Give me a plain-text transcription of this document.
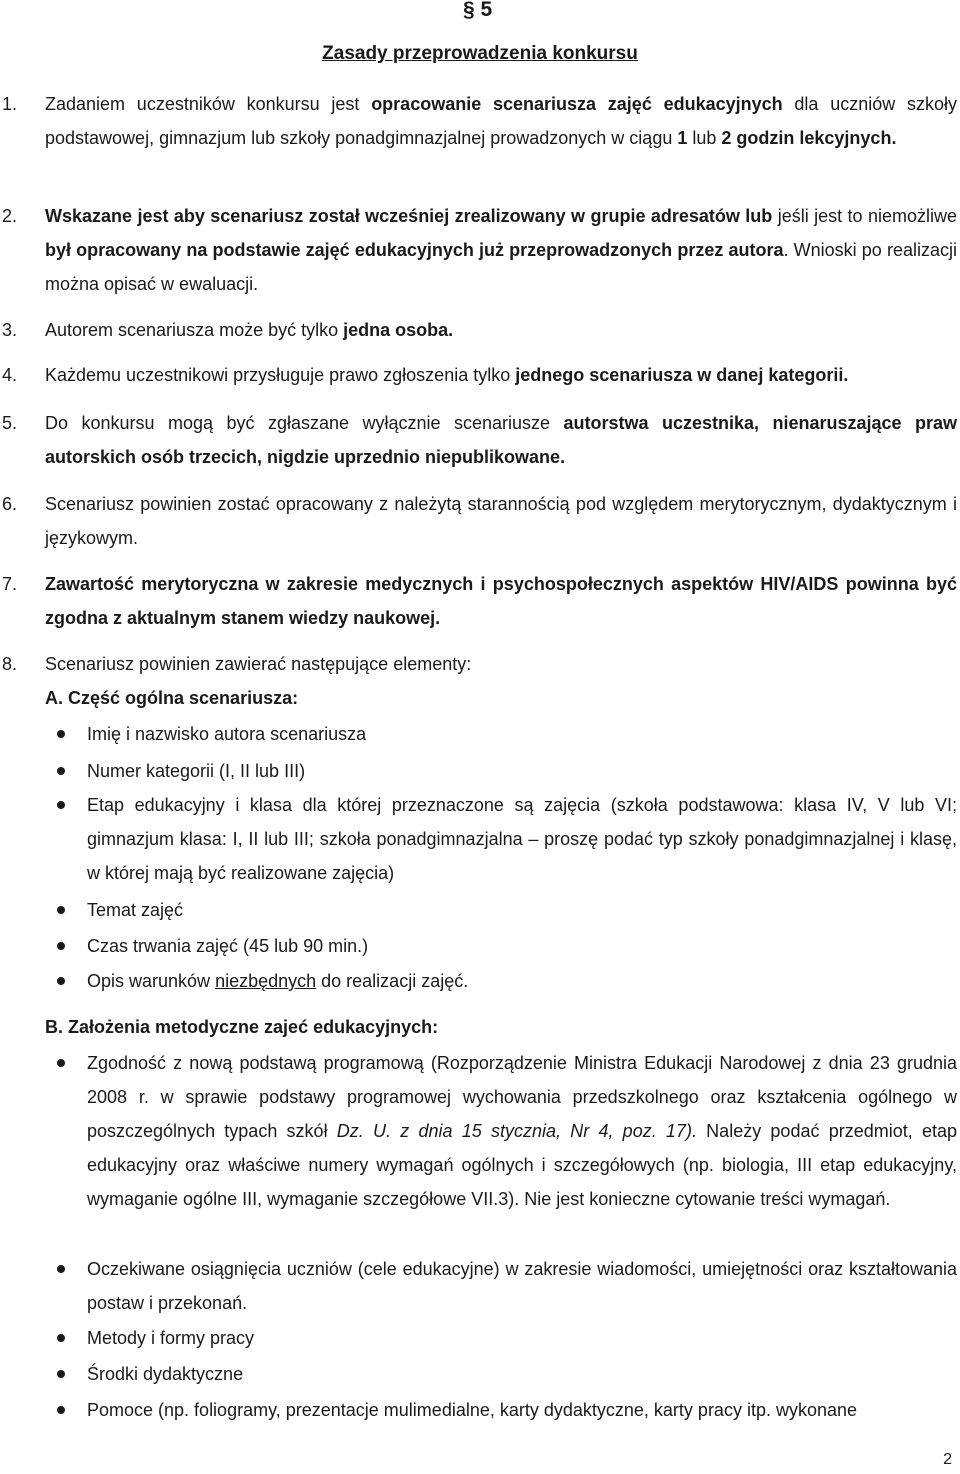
§ 5
Zasady przeprowadzenia konkursu
1. Zadaniem uczestników konkursu jest opracowanie scenariusza zajęć edukacyjnych dla uczniów szkoły podstawowej, gimnazjum lub szkoły ponadgimnazjalnej prowadzonych w ciągu 1 lub 2 godzin lekcyjnych.
2. Wskazane jest aby scenariusz został wcześniej zrealizowany w grupie adresatów lub jeśli jest to niemożliwe był opracowany na podstawie zajęć edukacyjnych już przeprowadzonych przez autora. Wnioski po realizacji można opisać w ewaluacji.
3. Autorem scenariusza może być tylko jedna osoba.
4. Każdemu uczestnikowi przysługuje prawo zgłoszenia tylko jednego scenariusza w danej kategorii.
5. Do konkursu mogą być zgłaszane wyłącznie scenariusze autorstwa uczestnika, nienaruszające praw autorskich osób trzecich, nigdzie uprzednio niepublikowane.
6. Scenariusz powinien zostać opracowany z należytą starannością pod względem merytorycznym, dydaktycznym i językowym.
7. Zawartość merytoryczna w zakresie medycznych i psychospołecznych aspektów HIV/AIDS powinna być zgodna z aktualnym stanem wiedzy naukowej.
8. Scenariusz powinien zawierać następujące elementy:
A. Część ogólna scenariusza:
Imię i nazwisko autora scenariusza
Numer kategorii (I, II lub III)
Etap edukacyjny i klasa dla której przeznaczone są zajęcia (szkoła podstawowa: klasa IV, V lub VI; gimnazjum klasa: I, II lub III; szkoła ponadgimnazjalna – proszę podać typ szkoły ponadgimnazjalnej i klasę, w której mają być realizowane zajęcia)
Temat zajęć
Czas trwania zajęć (45 lub 90 min.)
Opis warunków niezbędnych do realizacji zajęć.
B. Założenia metodyczne zajeć edukacyjnych:
Zgodność z nową podstawą programową (Rozporządzenie Ministra Edukacji Narodowej z dnia 23 grudnia 2008 r. w sprawie podstawy programowej wychowania przedszkolnego oraz kształcenia ogólnego w poszczególnych typach szkół Dz. U. z dnia 15 stycznia, Nr 4, poz. 17). Należy podać przedmiot, etap edukacyjny oraz właściwe numery wymagań ogólnych i szczegółowych (np. biologia, III etap edukacyjny, wymaganie ogólne III, wymaganie szczegółowe VII.3). Nie jest konieczne cytowanie treści wymagań.
Oczekiwane osiągnięcia uczniów (cele edukacyjne) w zakresie wiadomości, umiejętności oraz kształtowania postaw i przekonań.
Metody i formy pracy
Środki dydaktyczne
Pomoce (np. foliogramy, prezentacje mulimedialne, karty dydaktyczne, karty pracy itp. wykonane
2
